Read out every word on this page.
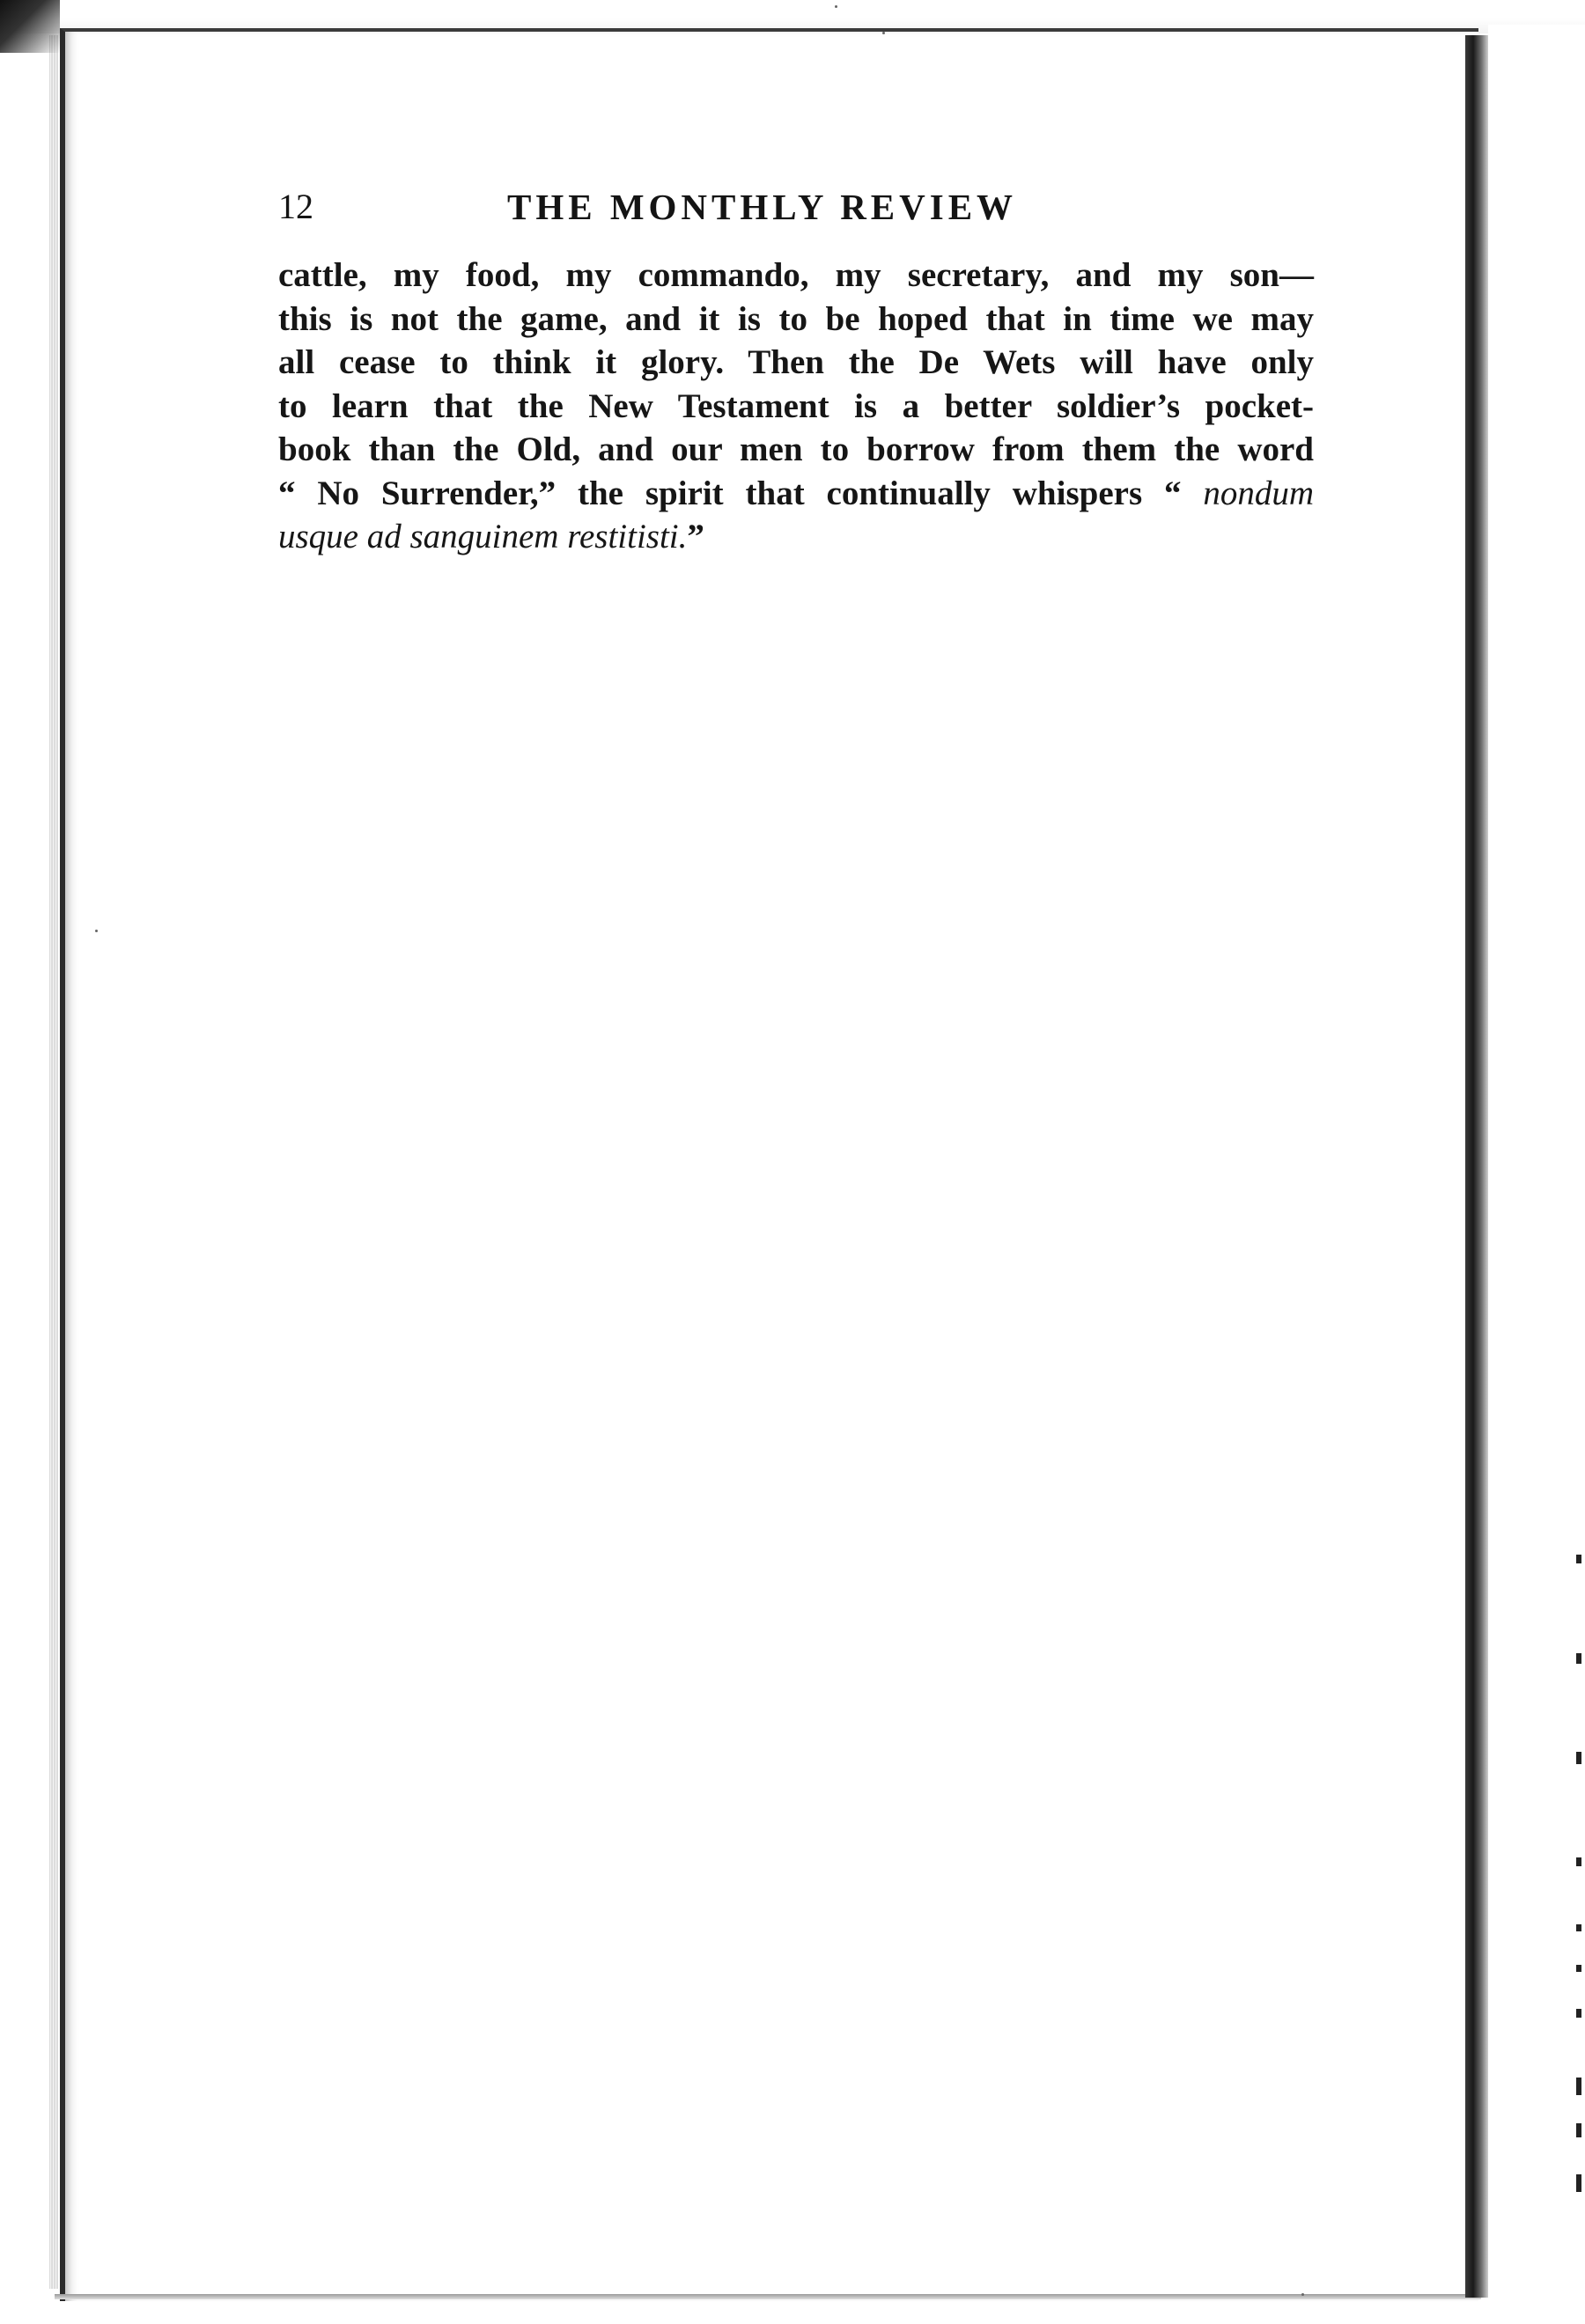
12	THE MONTHLY REVIEW
cattle, my food, my commando, my secretary, and my son—
this is not the game, and it is to be hoped that in time we may
all cease to think it glory. Then the De Wets will have only
to learn that the New Testament is a better soldier’s pocket-
book than the Old, and our men to borrow from them the word
“ No Surrender,” the spirit that continually whispers “ nondum
usque ad sanguinem restitisti.”
